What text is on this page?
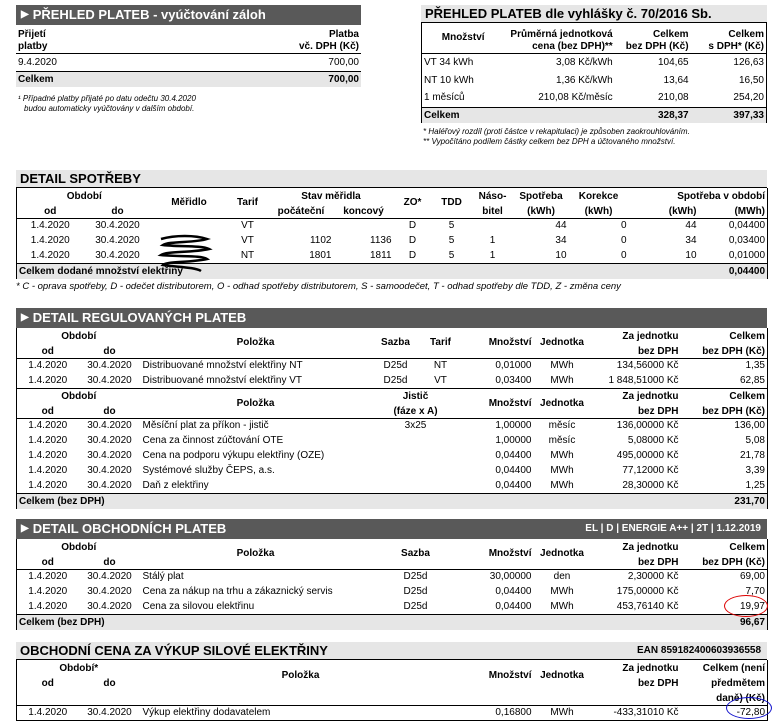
▶ PŘEHLED PLATEB - vyúčtování záloh
Přijetí
platby	Platba
vč. DPH (Kč)
9.4.2020	700,00
Celkem	700,00
¹ Případné platby přijaté po datu odečtu 30.4.2020
budou automaticky vyúčtovány v dalším období.
PŘEHLED PLATEB dle vyhlášky č. 70/2016 Sb.
Množství	Průměrná jednotková
cena (bez DPH)**	Celkem
bez DPH (Kč)	Celkem
s DPH* (Kč)
VT 34 kWh	3,08 Kč/kWh	104,65	126,63
NT 10 kWh	1,36 Kč/kWh	13,64	16,50
1 měsíců	210,08 Kč/měsíc	210,08	254,20
Celkem		328,37	397,33
* Haléřový rozdíl (proti částce v rekapitulaci) je způsoben zaokrouhlováním.
** Vypočítáno podílem částky celkem bez DPH a účtovaného množství.
DETAIL SPOTŘEBY
Období		Měřidlo	Tarif	Stav měřidla		ZO*	TDD	Náso-	Spotřeba	Korekce	Spotřeba v období	
od	do			počáteční	koncový			bitel	(kWh)	(kWh)	(kWh)	(MWh)
1.4.2020	30.4.2020		VT			D	5		44	0	44	0,04400
1.4.2020	30.4.2020		VT	1102	1136	D	5	1	34	0	34	0,03400
1.4.2020	30.4.2020		NT	1801	1811	D	5	1	10	0	10	0,01000
Celkem dodané množství elektřiny												0,04400
* C - oprava spotřeby, D - odečet distributorem, O - odhad spotřeby distributorem, S - samoodečet, T - odhad spotřeby dle TDD, Z - změna ceny
▶ DETAIL REGULOVANÝCH PLATEB
Období		Položka	Sazba	Tarif	Množství	Jednotka	Za jednotku	Celkem
od	do						bez DPH	bez DPH (Kč)
1.4.2020	30.4.2020	Distribuované množství elektřiny NT	D25d	NT	0,01000	MWh	134,56000 Kč	1,35
1.4.2020	30.4.2020	Distribuované množství elektřiny VT	D25d	VT	0,03400	MWh	1 848,51000 Kč	62,85
Období		Položka	Jistič		Množství	Jednotka	Za jednotku	Celkem
od	do		(fáze x A)				bez DPH	bez DPH (Kč)
1.4.2020	30.4.2020	Měsíční plat za příkon - jistič	3x25		1,00000	měsíc	136,00000 Kč	136,00
1.4.2020	30.4.2020	Cena za činnost zúčtování OTE			1,00000	měsíc	5,08000 Kč	5,08
1.4.2020	30.4.2020	Cena na podporu výkupu elektřiny (OZE)			0,04400	MWh	495,00000 Kč	21,78
1.4.2020	30.4.2020	Systémové služby ČEPS, a.s.			0,04400	MWh	77,12000 Kč	3,39
1.4.2020	30.4.2020	Daň z elektřiny			0,04400	MWh	28,30000 Kč	1,25
Celkem (bez DPH)								231,70
▶ DETAIL OBCHODNÍCH PLATEB	EL | D | ENERGIE A++ | 2T | 1.12.2019
Období		Položka	Sazba	Množství	Jednotka	Za jednotku	Celkem
od	do					bez DPH	bez DPH (Kč)
1.4.2020	30.4.2020	Stálý plat	D25d	30,00000	den	2,30000 Kč	69,00
1.4.2020	30.4.2020	Cena za nákup na trhu a zákaznický servis	D25d	0,04400	MWh	175,00000 Kč	7,70
1.4.2020	30.4.2020	Cena za silovou elektřinu	D25d	0,04400	MWh	453,76140 Kč	19,97
Celkem (bez DPH)							96,67
OBCHODNÍ CENA ZA VÝKUP SILOVÉ ELEKTŘINY	EAN 859182400603936558
Období*		Položka	Množství	Jednotka	Za jednotku	Celkem (není
od	do				bez DPH	předmětem
						daně) (Kč)
1.4.2020	30.4.2020	Výkup elektřiny dodavatelem	0,16800	MWh	-433,31010 Kč	-72,80
